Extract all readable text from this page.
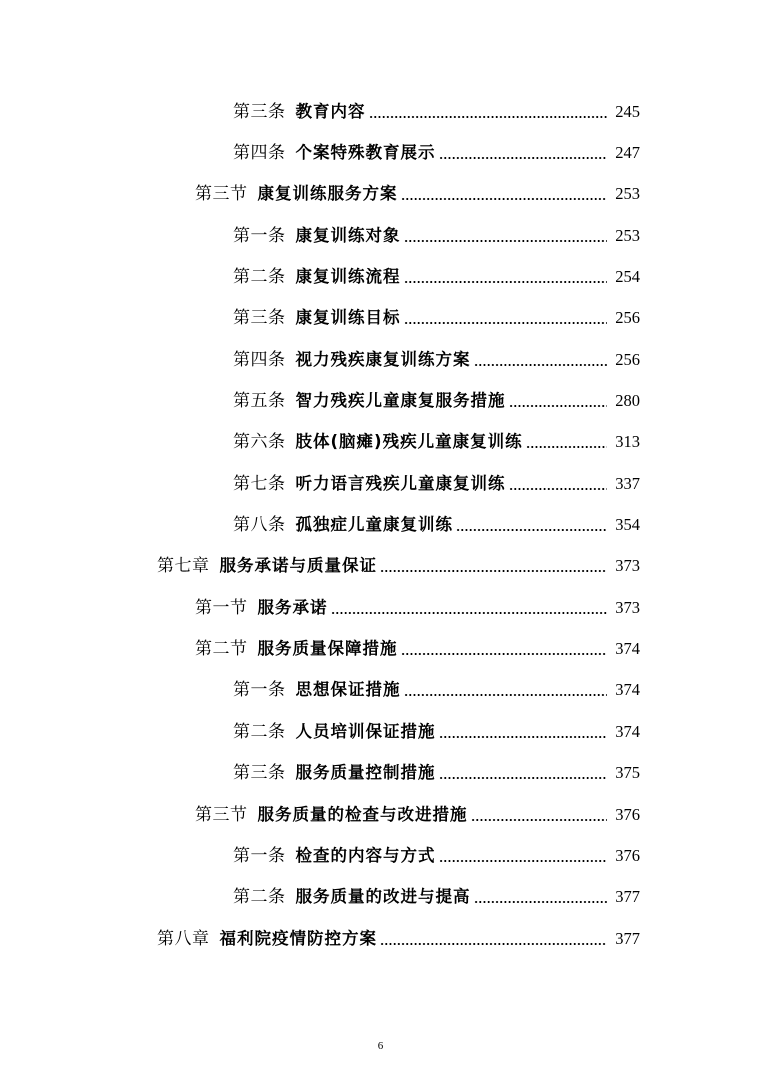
第三条 教育内容	245
第四条 个案特殊教育展示	247
第三节 康复训练服务方案	253
第一条 康复训练对象	253
第二条 康复训练流程	254
第三条 康复训练目标	256
第四条 视力残疾康复训练方案	256
第五条 智力残疾儿童康复服务措施	280
第六条 肢体(脑瘫)残疾儿童康复训练	313
第七条 听力语言残疾儿童康复训练	337
第八条 孤独症儿童康复训练	354
第七章 服务承诺与质量保证	373
第一节 服务承诺	373
第二节 服务质量保障措施	374
第一条 思想保证措施	374
第二条 人员培训保证措施	374
第三条 服务质量控制措施	375
第三节 服务质量的检查与改进措施	376
第一条 检查的内容与方式	376
第二条 服务质量的改进与提高	377
第八章 福利院疫情防控方案	377
6
